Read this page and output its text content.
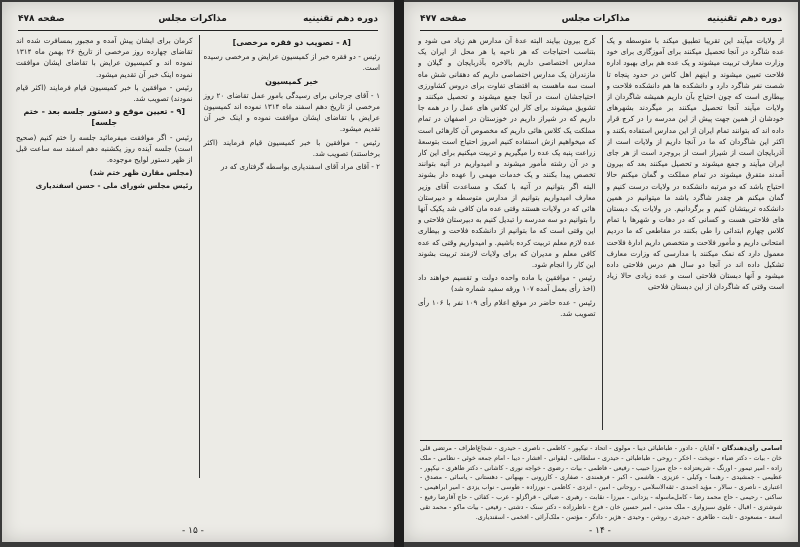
دوره دهم تقنینیه
مذاکرات مجلس
صفحه ۴۷۸

[۸ - تصویب دو فقره مرخصی]

رئیس - دو فقره خبر از کمیسیون عرایض و مرخصی رسیده است.

خبر کمیسیون

۱ - آقای جرجانی برای رسیدگی بامور عمل تقاضای ۲۰ روز مرخصی از تاریخ دهم اسفند ماه ۱۳۱۴ نموده اند کمیسیون عرایض با تقاضای ایشان موافقت نموده و اینک خبر آن تقدیم میشود.

رئیس - موافقین با خبر کمیسیون قیام فرمایند (اکثر برخاستند) تصویب شد.

۲ - آقای مراد آقای اسفندیاری بواسطه گرفتاری که در

کرمان برای ایشان پیش آمده و مجبور بمسافرت شده اند تقاضای چهارده روز مرخصی از تاریخ ۲۶ بهمن ماه ۱۳۱۴ نموده اند و کمیسیون عرایض با تقاضای ایشان موافقت نموده اینک خبر آن تقدیم میشود.

رئیس - موافقین با خبر کمیسیون قیام فرمایند (اکثر قیام نمودند) تصویب شد.

[۹ - تعیین موقع و دستور جلسه بعد - ختم جلسه]

رئیس - اگر موافقت میفرمائید جلسه را ختم کنیم (صحیح است) جلسه آینده روز یکشنبه دهم اسفند سه ساعت قبل از ظهر دستور لوایح موجوده.

(مجلس مقارن ظهر ختم شد)

رئیس مجلس شورای ملی - حسن اسفندیاری

- ۱۵ -
دوره دهم تقنینیه
مذاکرات مجلس
صفحه ۴۷۷

از ولایات میآیند این تقریبا تطبیق میکند با متوسطه و یک عده شاگرد در آنجا تحصیل میکنند برای آموزگاری برای خود وزارت معارف تربیت میشوند و یک عده هم برای بهبود اداره فلاحت تعیین میشوند و اینهم اهل کاس در حدود پنجاه تا شصت نفر شاگرد دارد و دانشکده ها هم دانشکده فلاحت و بیطاری است که چون احتیاج بآن داریم همیشه شاگردان از ولایات میآیند آنجا تحصیل میکنند بر میگردند بشهرهای خودشان از همین جهت پیش از این مدرسه را در کرج قرار داده اند که بتوانند تمام ایران از این مدارس استفاده بکنند و اکثر این شاگردان که ما در آنجا داریم از ولایات است از آذربایجان است از شیراز است از بروجرد است از هر جای ایران میآیند و جمع میشوند و تحصیل میکنند بعد که بیرون آمدند متفرق میشوند در تمام مملکت و گمان میکنم حالا احتیاج باشد که دو مرتبه دانشکده در ولایات درست کنیم و گمان میکنم هر چقدر شاگرد باشد ما میتوانیم در همین دانشکده تربیتشان کنیم و برگردانیم. در ولایات یک دبستان های فلاحتی هست و کسانی که در دهات و شهرها با تمام کلاس چهارم ابتدائی را طی بکنند در مقاطعی که ما دردیم امتحانی داریم و مأمور فلاحت و متخصص داریم ادارهٔ فلاحت معمول دارد که نمک میکنند با مدارسی که وزارت معارف تشکیل داده اند در آنجا دو سال هم درس فلاحتی داده میشود و آنها دبستان فلاحتی است و عده زیادی حالا زیاد است وقتی که شاگردان از این دبستان فلاحتی

کرج بیرون بیایند البته عدهٔ آن مدارس هم زیاد می شود و بتناسب احتیاجات که هر ناحیه یا هر محل از ایران یک مدارس اختصاصی داریم بالاخره بآذربایجان و گیلان و مازندران یک مدارس اختصاصی داریم که دهقانی شش ماه است سه ماهست به اقتضای تفاوت برای دروس کشاورزی احتیاجشان است در آنجا جمع میشوند و تحصیل میکنند و تشویق میشوند برای کار این کلاس های عمل را در همه جا داریم که در شیراز داریم در خوزستان در اصفهان در تمام مملکت یک کلاس هائی داریم که مخصوص آن کارهائی است که میخواهیم ازش استفاده کنیم امروز احتیاج است بتوسعهٔ زراعت پنبه یک عده را میگیریم و تربیت میکنیم برای این کار و در آن رشته مأمور میشوند و امیدواریم در آتیه بتوانند تخصص پیدا بکنند و یک خدمات مهمی را عهده دار بشوند البته اگر بتوانیم در آتیه با کمک و مساعدت آقای وزیر معارف امیدواریم بتوانیم از مدارس متوسطه و دبیرستان هائی که در ولایات هستند وقتی عده مان کافی شد یکیک آنها را بتوانیم دو سه مدرسه را تبدیل کنیم به دبیرستان فلاحتی و این وقتی است که ما بتوانیم از دانشکده فلاحت و بیطاری عده لازم معلم تربیت کرده باشیم. و امیدواریم وقتی که عده کافی معلم و مدیران که برای ولایات لازمند تربیت بشوند این کار را انجام شود.

رئیس - موافقین با ماده واحده دولت و تقسیم خواهند داد (اخذ رأی بعمل آمده ۱۰۷ ورقه سفید شماره شد)

رئیس - عده حاضر در موقع اعلام رأی ۱۰۹ نفر با ۱۰۶ رأی تصویب شد.

اسامی رأی‌دهندگان - آقایان - دادور - طباطبائی دیبا - مولوی - اتحاد - نیکپور - کاظمی - ناصری - حیدری - شجاع‌اطراف - مرتضی قلی خان - بیات - دکتر ضیاء - نوبخت - اخکر - روحی - طباطبائی - حیدری - سلطانی - لیقوانی - افشار - دیبا - امام جمعه خوئی - نظامی - ملک زاده - امیر تیمور - اورنگ - شریعتزاده - حاج میرزا حبیب - رفیعی - فاطمی - بیات - رضوی - خواجه نوری - کاشانی - دکتر طاهری - نیکپور - عظیمی - جمشیدی - رهنما - وکیلی - عزیزی - هاشمی - اکبر - فرهمندی - صفاری - کازرونی - بهبهانی - دهستانی - یاسائی - مصدق - اعتباری - ناصری - سالار - مؤید احمدی - ثقه‌الاسلامی - روحانی - امین - ایزدی - کاظمی - نورزاده - طوسی - نواب یزدی - امیر ابراهیمی - ساکنی - رحیمی - حاج محمد رضا - کامل‌ماسوله - یزدانی - میرزا - نقابت - رهبری - ضیائی - قراگزلو - عرب - کفائی - حاج آقارضا رفیع - شوشتری - اقبال - علوی سبزواری - ملک مدنی - امیر حسین خان - فرخ - ناظرزاده - دکتر سنک - دشتی - رفیعی - بیات ماکو - محمد تقی اسعد - مسعودی - ثابت - طاهری - حیدری - روشن - وحیدی - هژیر - دادگر - مؤتمن - ملک‌آرائی - افخمی - اسفندیاری.
- ۱۴ -
